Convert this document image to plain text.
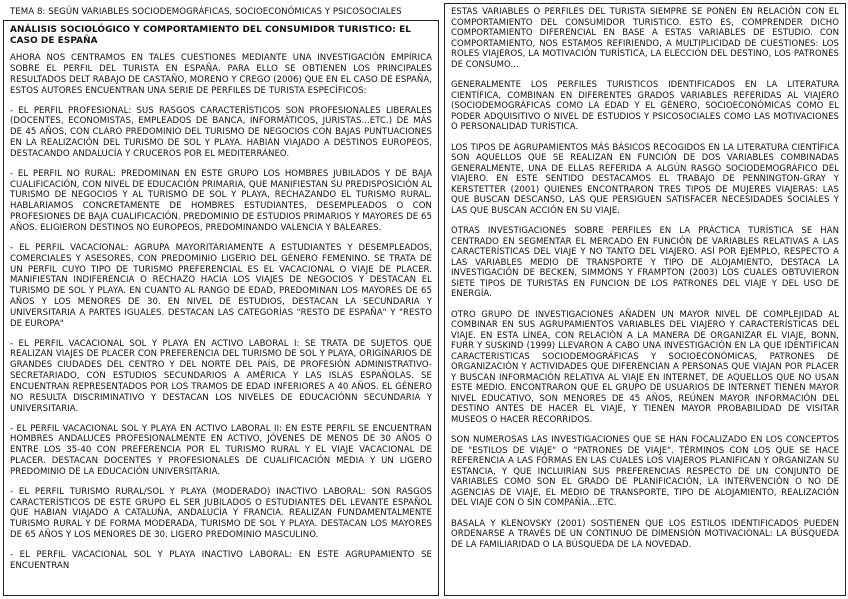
TEMA 8: SEGÚN VARIABLES SOCIODEMOGRÁFICAS, SOCIOECONÓMICAS Y PSICOSOCIALES
ANÁLISIS SOCIOLÓGICO Y COMPORTAMIENTO DEL CONSUMIDOR TURISTICO: EL CASO DE ESPAÑA

AHORA NOS CENTRAMOS EN TALES CUESTIONES MEDIANTE UNA INVESTIGACIÓN EMPÍRICA SOBRE EL PERFIL DEL TURISTA EN ESPAÑA. PARA ELLO SE OBTIENEN LOS PRINCIPALES RESULTADOS DELT RABAJO DE CASTAÑO, MORENO Y CREGO (2006) QUE EN EL CASO DE ESPAÑA, ESTOS AUTORES ENCUENTRAN UNA SERIE DE PERFILES DE TURISTA ESPECÍFICOS:

- EL PERFIL PROFESIONAL: SUS RASGOS CARACTERÍSTICOS SON PROFESIONALES LIBERALES (DOCENTES, ECONOMISTAS, EMPLEADOS DE BANCA, INFORMÁTICOS, JURISTAS...ETC.) DE MÁS DE 45 AÑOS, CON CLARO PREDOMINIO DEL TURISMO DE NEGOCIOS CON BAJAS PUNTUACIONES EN LA REALIZACIÓN DEL TURISMO DE SOL Y PLAYA. HABIAN VIAJADO A DESTINOS EUROPEOS, DESTACANDO ANDALUCÍA Y CRUCEROS POR EL MEDITERRÁNEO.

- EL PERFIL NO RURAL: PREDOMINAN EN ESTE GRUPO LOS HOMBRES JUBILADOS Y DE BAJA CUALIFICACIÓN, CON NIVEL DE EDUCACIÓN PRIMARIA, QUE MANIFIESTAN SU PREDISPOSICIÓN AL TURISMO DE NEGOCIOS Y AL TURISMO DE SOL Y PLAYA, RECHAZANDO EL TURISMO RURAL. HABLARIAMOS CONCRETAMENTE DE HOMBRES ESTUDIANTES, DESEMPLEADOS O CON PROFESIONES DE BAJA CUALIFICACIÓN. PREDOMINIO DE ESTUDIOS PRIMARIOS Y MAYORES DE 65 AÑOS. ELIGIERON DESTINOS NO EUROPEOS, PREDOMINANDO VALENCIA Y BALEARES.

- EL PERFIL VACACIONAL: AGRUPA MAYORITARIAMENTE A ESTUDIANTES Y DESEMPLEADOS, COMERCIALES Y ASESORES, CON PREDOMINIO LIGERIO DEL GÉNERO FEMENINO. SE TRATA DE UN PERFIL CUYO TIPO DE TURISMO PREFERENCIAL ES EL VACACIONAL O VIAJE DE PLACER. MANIFIESTAN INDIFERENCIA O RECHAZO HACIA LOS VIAJES DE NEGOCIOS Y DESTACAN EL TURISMO DE SOL Y PLAYA. EN CUANTO AL RANGO DE EDAD, PREDOMINAN LOS MAYORES DE 65 AÑOS Y LOS MENORES DE 30. EN NIVEL DE ESTUDIOS, DESTACAN LA SECUNDARIA Y UNIVERSITARIA A PARTES IGUALES. DESTACAN LAS CATEGORÍAS "RESTO DE ESPAÑA" Y "RESTO DE EUROPA"

- EL PERFIL VACACIONAL SOL Y PLAYA EN ACTIVO LABORAL I: SE TRATA DE SUJETOS QUE REALIZAN VIAJES DE PLACER CON PREFERENCIA DEL TURISMO DE SOL Y PLAYA, ORIGINARIOS DE GRANDES CIUDADES DEL CENTRO Y DEL NORTE DEL PAÍS, DE PROFESIÓN ADMINISTRATIVO-SECRETARIADO, CON ESTUDIOS SECUNDARIOS A AMÉRICA Y LAS ISLAS ESPAÑOLAS. SE ENCUENTRAN REPRESENTADOS POR LOS TRAMOS DE EDAD INFERIORES A 40 AÑOS. EL GÉNERO NO RESULTA DISCRIMINATIVO Y DESTACAN LOS NIVELES DE EDUCACIÓNN SECUNDARIA Y UNIVERSITARIA.

- EL PERFIL VACACIONAL SOL Y PLAYA EN ACTIVO LABORAL II: EN ESTE PERFIL SE ENCUENTRAN HOMBRES ANDALUCES PROFESIONALMENTE EN ACTIVO, JÓVENES DE MENOS DE 30 AÑOS O ENTRE LOS 35-40 CON PREFERENCIA POR EL TURISMO RURAL Y EL VIAJE VACACIONAL DE PLACER. DESTACAN DOCENTES Y PROFESIONALES DE CUALIFICACIÓN MEDIA Y UN LIGERO PREDOMINIO DE LA EDUCACIÓN UNIVERSITARIA.

- EL PERFIL TURISMO RURAL/SOL Y PLAYA (MODERADO) INACTIVO LABORAL: SON RASGOS CARACTERÍSTICOS DE ESTE GRUPO EL SER JUBILADOS O ESTUDIANTES DEL LEVANTE ESPAÑOL QUE HABIAN VIAJADO A CATALUÑA, ANDALUCÍA Y FRANCIA. REALIZAN FUNDAMENTALMENTE TURISMO RURAL Y DE FORMA MODERADA, TURISMO DE SOL Y PLAYA. DESTACAN LOS MAYORES DE 65 AÑOS Y LOS MENORES DE 30. LIGERO PREDOMINIO MASCULINO.

- EL PERFIL VACACIONAL SOL Y PLAYA INACTIVO LABORAL: EN ESTE AGRUPAMIENTO SE ENCUENTRAN

ESTAS VARIABLES O PERFILES DEL TURISTA SIEMPRE SE PONEN EN RELACIÓN CON EL COMPORTAMIENTO DEL CONSUMIDOR TURISTICO. ESTO ES, COMPRENDER DICHO COMPORTAMIENTO DIFERENCIAL EN BASE A ESTAS VARIABLES DE ESTUDIO. CON COMPORTAMIENTO, NOS ESTAMOS REFIRIENDO, A MULTIPLICIDAD DE CUESTIONES: LOS ROLES VIAJEROS, LA MOTIVACIÓN TURÍSTICA, LA ELECCIÓN DEL DESTINO, LOS PATRONES DE CONSUMO...

GENERALMENTE LOS PERFILES TURISTICOS IDENTIFICADOS EN LA LITERATURA CIENTÍFICA, COMBINAN EN DIFERENTES GRADOS VARIABLES REFERIDAS AL VIAJERO (SOCIODEMOGRÁFICAS COMO LA EDAD Y EL GÉNERO, SOCIOECONÓMICAS COMO EL PODER ADQUISITIVO O NIVEL DE ESTUDIOS Y PSICOSOCIALES COMO LAS MOTIVACIONES O PERSONALIDAD TURÍSTICA.

LOS TIPOS DE AGRUPAMIENTOS MÁS BÁSICOS RECOGIDOS EN LA LITERATURA CIENTÍFICA SON AQUELLOS QUE SE REALIZAN EN FUNCIÓN DE DOS VARIABLES COMBINADAS GENERALMENTE, UNA DE ELLAS REFERIDA A ALGÚN RASGO SOCIODEMOGRÁFICO DEL VIAJERO. EN ESTE SENTIDO DESTACAMOS EL TRABAJO DE PENNINGTON-GRAY Y KERSTETTER (2001) QUIENES ENCONTRARON TRES TIPOS DE MUJERES VIAJERAS: LAS QUE BUSCAN DESCANSO, LAS QUE PERSIGUEN SATISFACER NECESIDADES SOCIALES Y LAS QUE BUSCAN ACCIÓN EN SU VIAJE.

OTRAS INVESTIGACIONES SOBRE PERFILES EN LA PRÁCTICA TURÍSTICA SE HAN CENTRADO EN SEGMENTAR EL MERCADO EN FUNCIÓN DE VARIABLES RELATIVAS A LAS CARACTERÍSTICAS DEL VIAJE Y NO TANTO DEL VIAJERO. ASÍ POR EJEMPLO, RESPECTO A LAS VARIABLES MEDIO DE TRANSPORTE Y TIPO DE ALOJAMIENTO, DESTACA LA INVESTIGACIÓN DE BECKEN, SIMMONS Y FRAMPTON (2003) LOS CUALES OBTUVIERON SIETE TIPOS DE TURISTAS EN FUNCION DE LOS PATRONES DEL VIAJE Y DEL USO DE ENERGÍA.

OTRO GRUPO DE INVESTIGACIONES AÑADEN UN MAYOR NIVEL DE COMPLEJIDAD AL COMBINAR EN SUS AGRUPAMIENTOS VARIABLES DEL VIAJERO Y CARACTERÍSTICAS DEL VIAJE. EN ESTA LÍNEA, CON RELACIÓN A LA MANERA DE ORGANIZAR EL VIAJE, BONN, FURR Y SUSKIND (1999) LLEVARON A CABO UNA INVESTIGACIÓN EN LA QUE IDENTIFICAN CARACTERISTICAS SOCIODEMOGRÁFICAS Y SOCIOECONÓMICAS, PATRONES DE ORGANIZACIÓN Y ACTIVIDADES QUE DIFERENCIAN A PERSONAS QUE VIAJAN POR PLACER Y BUSCAN INFORMACIÓN RELATIVA AL VIAJE EN INTERNET, DE AQUELLOS QUE NO USAN ESTE MEDIO. ENCONTRARON QUE EL GRUPO DE USUARIOS DE INTERNET TIENEN MAYOR NIVEL EDUCATIVO, SON MENORES DE 45 AÑOS, REÚNEN MAYOR INFORMACIÓN DEL DESTINO ANTES DE HACER EL VIAJE, Y TIENEN MAYOR PROBABILIDAD DE VISITAR MUSEOS O HACER RECORRIDOS.

SON NUMEROSAS LAS INVESTIGACIONES QUE SE HAN FOCALIZADO EN LOS CONCEPTOS DE "ESTILOS DE VIAJE" O "PATRONES DE VIAJE". TÉRMINOS CON LOS QUE SE HACE REFERENCIA A LAS FORMAS EN LAS CUALES LOS VIAJEROS PLANIFICAN Y ORGANIZAN SU ESTANCIA, Y QUE INCLUIRÍAN SUS PREFERENCIAS RESPECTO DE UN CONJUNTO DE VARIABLES COMO SON EL GRADO DE PLANIFICACIÓN, LA INTERVENCIÓN O NO DE AGENCIAS DE VIAJE, EL MEDIO DE TRANSPORTE, TIPO DE ALOJAMIENTO, REALIZACIÓN DEL VIAJE CON O SIN COMPAÑÍA...ETC.

BASALA Y KLENOVSKY (2001) SOSTIENEN QUE LOS ESTILOS IDENTIFICADOS PUEDEN ORDENARSE A TRAVÉS DE UN CONTINUO DE DIMENSIÓN MOTIVACIONAL: LA BÚSQUEDA DE LA FAMILIARIDAD O LA BÚSQUEDA DE LA NOVEDAD.
